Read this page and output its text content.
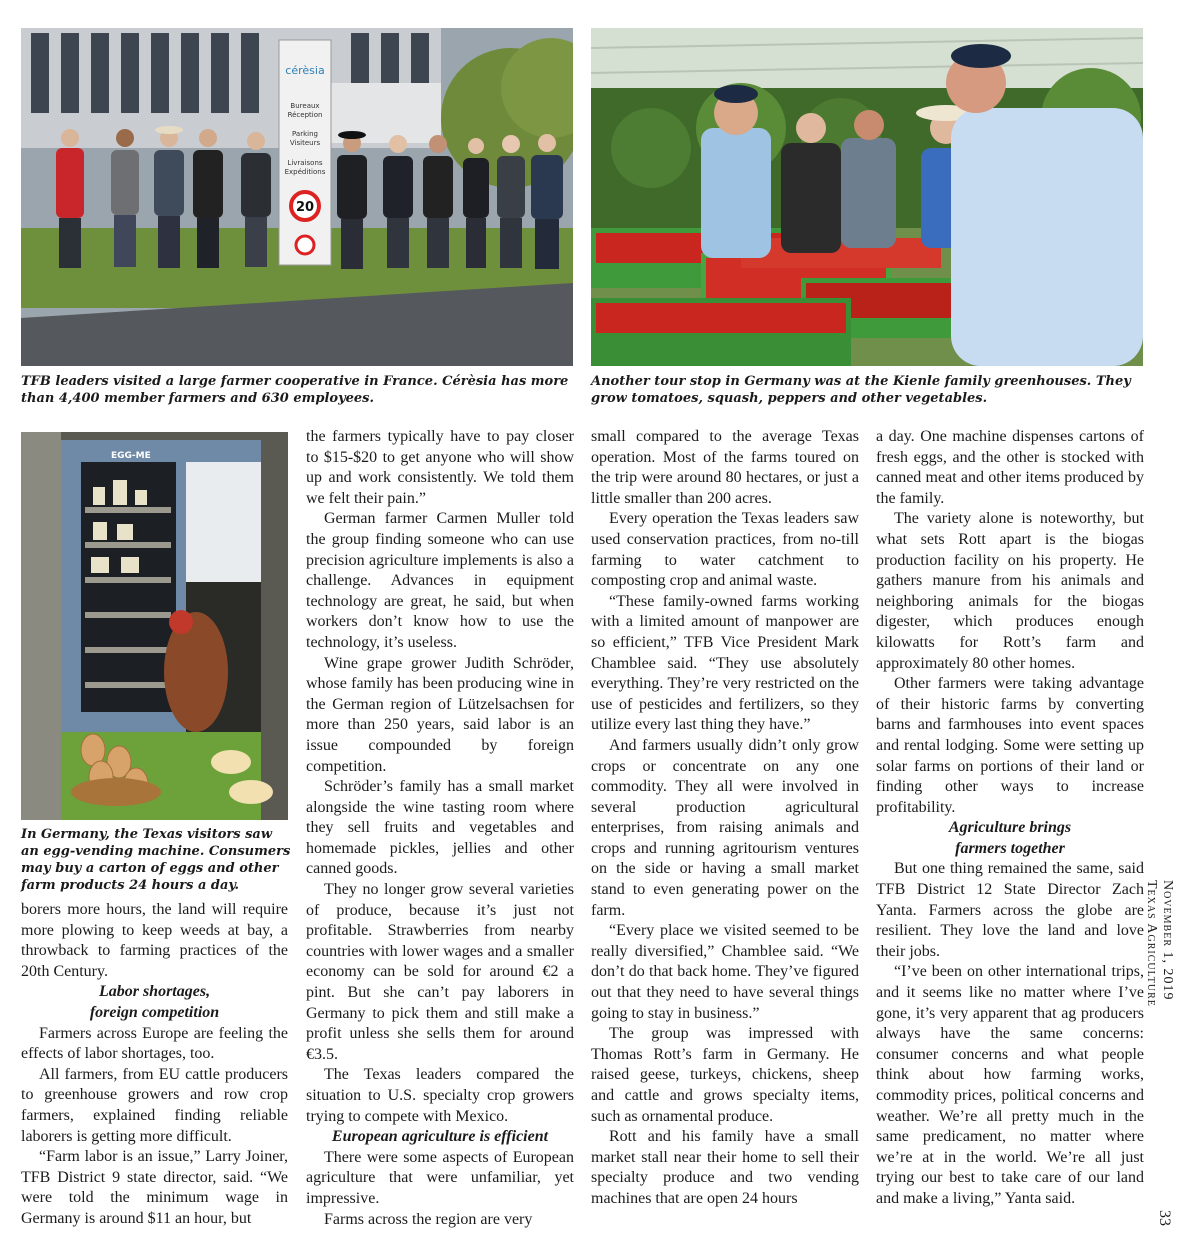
cérèsia
Bureaux
Réception
Parking
Visiteurs
Livraisons
Expéditions
20
TFB leaders visited a large farmer cooperative in France. Cérèsia has more than 4,400 member farmers and 630 employees.
Another tour stop in Germany was at the Kienle family greenhouses. They grow tomatoes, squash, peppers and other vegetables.
EGG-ME
In Germany, the Texas visitors saw an egg-vending machine. Consumers may buy a carton of eggs and other farm products 24 hours a day.

borers more hours, the land will require more plowing to keep weeds at bay, a throwback to farming practices of the 20th Century.

Labor shortages,
foreign competition

Farmers across Europe are feeling the effects of labor shortages, too.

All farmers, from EU cattle producers to greenhouse growers and row crop farmers, explained finding reliable laborers is getting more difficult.

“Farm labor is an issue,” Larry Joiner, TFB District 9 state director, said. “We were told the minimum wage in Germany is around $11 an hour, but

the farmers typically have to pay closer to $15-$20 to get anyone who will show up and work consistently. We told them we felt their pain.”

German farmer Carmen Muller told the group finding someone who can use precision agriculture implements is also a challenge. Advances in equipment technology are great, he said, but when workers don’t know how to use the technology, it’s useless.

Wine grape grower Judith Schröder, whose family has been producing wine in the German region of Lützelsachsen for more than 250 years, said labor is an issue compounded by foreign competition.

Schröder’s family has a small market alongside the wine tasting room where they sell fruits and vegetables and homemade pickles, jellies and other canned goods.

They no longer grow several varieties of produce, because it’s just not profitable. Strawberries from nearby countries with lower wages and a smaller economy can be sold for around €2 a pint. But she can’t pay laborers in Germany to pick them and still make a profit unless she sells them for around €3.5.

The Texas leaders compared the situation to U.S. specialty crop growers trying to compete with Mexico.

European agriculture is efficient

There were some aspects of European agriculture that were unfamiliar, yet impressive.

Farms across the region are very

small compared to the average Texas operation. Most of the farms toured on the trip were around 80 hectares, or just a little smaller than 200 acres.

Every operation the Texas leaders saw used conservation practices, from no-till farming to water catchment to composting crop and animal waste.

“These family-owned farms working with a limited amount of manpower are so efficient,” TFB Vice President Mark Chamblee said. “They use absolutely everything. They’re very restricted on the use of pesticides and fertilizers, so they utilize every last thing they have.”

And farmers usually didn’t only grow crops or concentrate on any one commodity. They all were involved in several production agricultural enterprises, from raising animals and crops and running agritourism ventures on the side or having a small market stand to even generating power on the farm.

“Every place we visited seemed to be really diversified,” Chamblee said. “We don’t do that back home. They’ve figured out that they need to have several things going to stay in business.”

The group was impressed with Thomas Rott’s farm in Germany. He raised geese, turkeys, chickens, sheep and cattle and grows specialty items, such as ornamental produce.

Rott and his family have a small market stall near their home to sell their specialty produce and two vending machines that are open 24 hours

a day. One machine dispenses cartons of fresh eggs, and the other is stocked with canned meat and other items produced by the family.

The variety alone is noteworthy, but what sets Rott apart is the biogas production facility on his property. He gathers manure from his animals and neighboring animals for the biogas digester, which produces enough kilowatts for Rott’s farm and approximately 80 other homes.

Other farmers were taking advantage of their historic farms by converting barns and farmhouses into event spaces and rental lodging. Some were setting up solar farms on portions of their land or finding other ways to increase profitability.

Agriculture brings
farmers together

But one thing remained the same, said TFB District 12 State Director Zach Yanta. Farmers across the globe are resilient. They love the land and love their jobs.

“I’ve been on other international trips, and it seems like no matter where I’ve gone, it’s very apparent that ag producers always have the same concerns: consumer concerns and what people think about how farming works, commodity prices, political concerns and weather. We’re all pretty much in the same predicament, no matter where we’re at in the world. We’re all just trying our best to take care of our land and make a living,” Yanta said.

November 1, 2019 Texas Agriculture
33
